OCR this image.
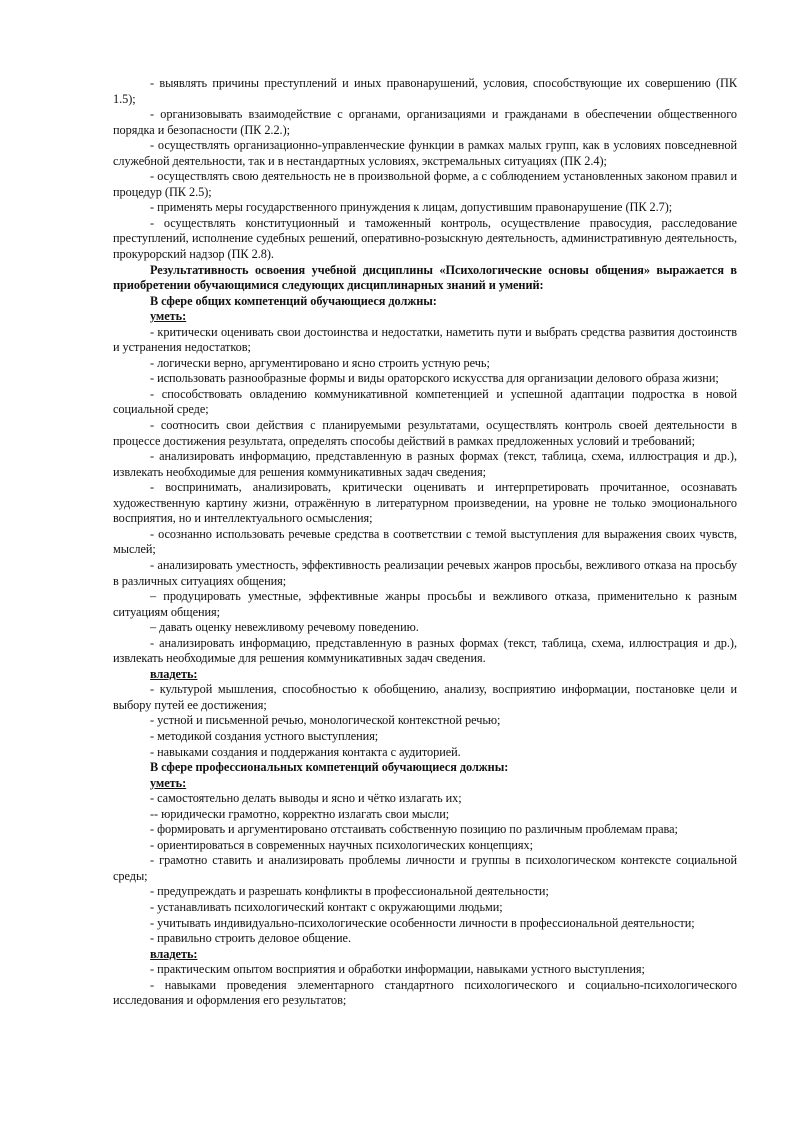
- выявлять причины преступлений и иных правонарушений, условия, способствующие их совершению (ПК 1.5);

- организовывать взаимодействие с органами, организациями и гражданами в обеспечении общественного порядка и безопасности (ПК 2.2.);

- осуществлять организационно-управленческие функции в рамках малых групп, как в условиях повседневной служебной деятельности, так и в нестандартных условиях, экстремальных ситуациях (ПК 2.4);

- осуществлять свою деятельность не в произвольной форме, а с соблюдением установленных законом правил и процедур (ПК 2.5);

- применять меры государственного принуждения к лицам, допустившим правонарушение (ПК 2.7);

- осуществлять конституционный и таможенный контроль, осуществление правосудия, расследование преступлений, исполнение судебных решений, оперативно-розыскную деятельность, административную деятельность, прокурорский надзор (ПК 2.8).

Результативность освоения учебной дисциплины «Психологические основы общения» выражается в приобретении обучающимися следующих дисциплинарных знаний и умений:

В сфере общих компетенций обучающиеся должны:

уметь:

- критически оценивать свои достоинства и недостатки, наметить пути и выбрать средства развития достоинств и устранения недостатков;

- логически верно, аргументировано и ясно строить устную речь;

- использовать разнообразные формы и виды ораторского искусства для организации делового образа жизни;

- способствовать овладению коммуникативной компетенцией и успешной адаптации подростка в новой социальной среде;

- соотносить свои действия с планируемыми результатами, осуществлять контроль своей деятельности в процессе достижения результата, определять способы действий в рамках предложенных условий и требований;

- анализировать информацию, представленную в разных формах (текст, таблица, схема, иллюстрация и др.), извлекать необходимые для решения коммуникативных задач сведения;

- воспринимать, анализировать, критически оценивать и интерпретировать прочитанное, осознавать художественную картину жизни, отражённую в литературном произведении, на уровне не только эмоционального восприятия, но и интеллектуального осмысления;

- осознанно использовать речевые средства в соответствии с темой выступления для выражения своих чувств, мыслей;

- анализировать уместность, эффективность реализации речевых жанров просьбы, вежливого отказа на просьбу в различных ситуациях общения;

– продуцировать уместные, эффективные жанры просьбы и вежливого отказа, применительно к разным ситуациям общения;

– давать оценку невежливому речевому поведению.

- анализировать информацию, представленную в разных формах (текст, таблица, схема, иллюстрация и др.), извлекать необходимые для решения коммуникативных задач сведения.

владеть:

- культурой мышления, способностью к обобщению, анализу, восприятию информации, постановке цели и выбору путей ее достижения;

- устной и письменной речью, монологической контекстной речью;

- методикой создания устного выступления;

- навыками создания и поддержания контакта с аудиторией.

В сфере профессиональных компетенций обучающиеся должны:

уметь:

- самостоятельно делать выводы и ясно и чётко излагать их;

-- юридически грамотно, корректно излагать свои мысли;

- формировать и аргументировано отстаивать собственную позицию по различным проблемам права;

- ориентироваться в современных научных психологических концепциях;

- грамотно ставить и анализировать проблемы личности и группы в психологическом контексте социальной среды;

- предупреждать и разрешать конфликты в профессиональной деятельности;

- устанавливать психологический контакт с окружающими людьми;

- учитывать индивидуально-психологические особенности личности в профессиональной деятельности;

- правильно строить деловое общение.

владеть:

- практическим опытом восприятия и обработки информации, навыками устного выступления;

- навыками проведения элементарного стандартного психологического и социально-психологического исследования и оформления его результатов;
